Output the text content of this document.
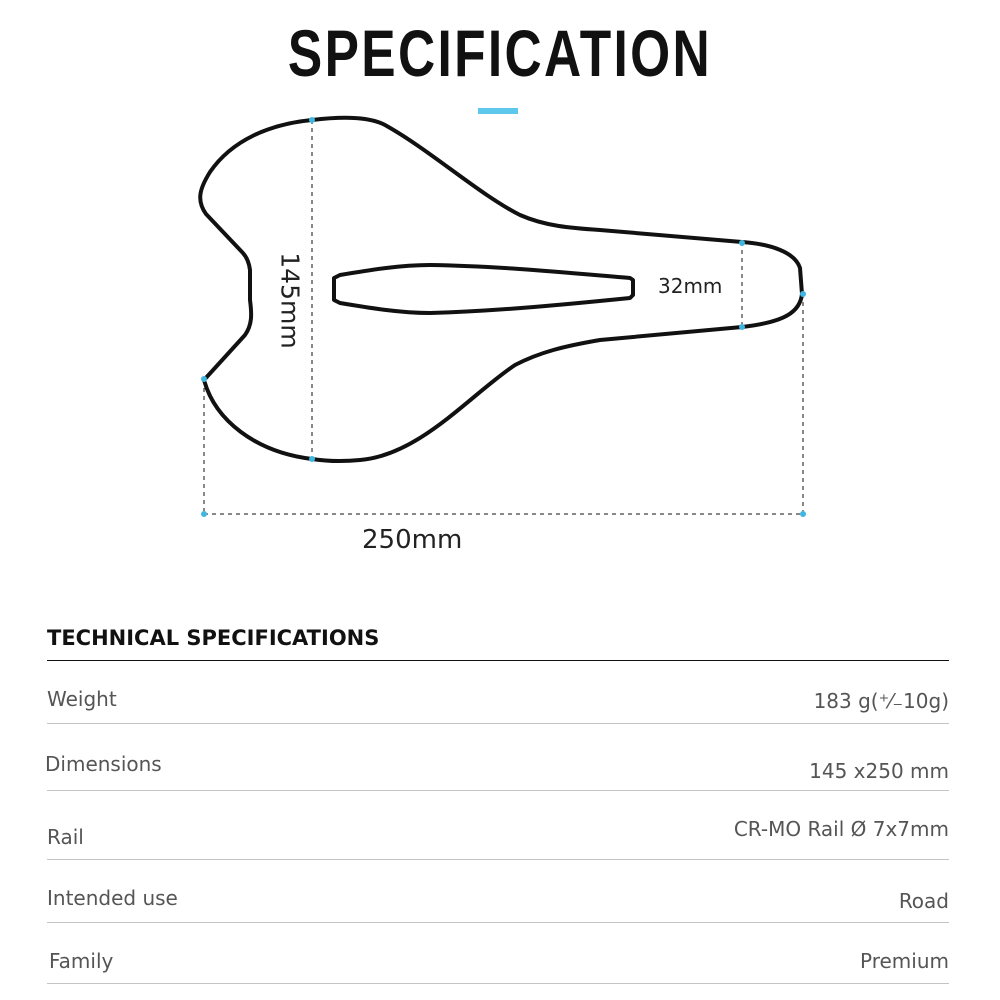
SPECIFICATION
145mm	32mm
250mm
TECHNICAL SPECIFICATIONS
Weight	183 g(⁺⁄₋10g)
Dimensions	145 x250 mm
Rail	CR-MO Rail Ø 7x7mm
Intended use	Road
Family	Premium
